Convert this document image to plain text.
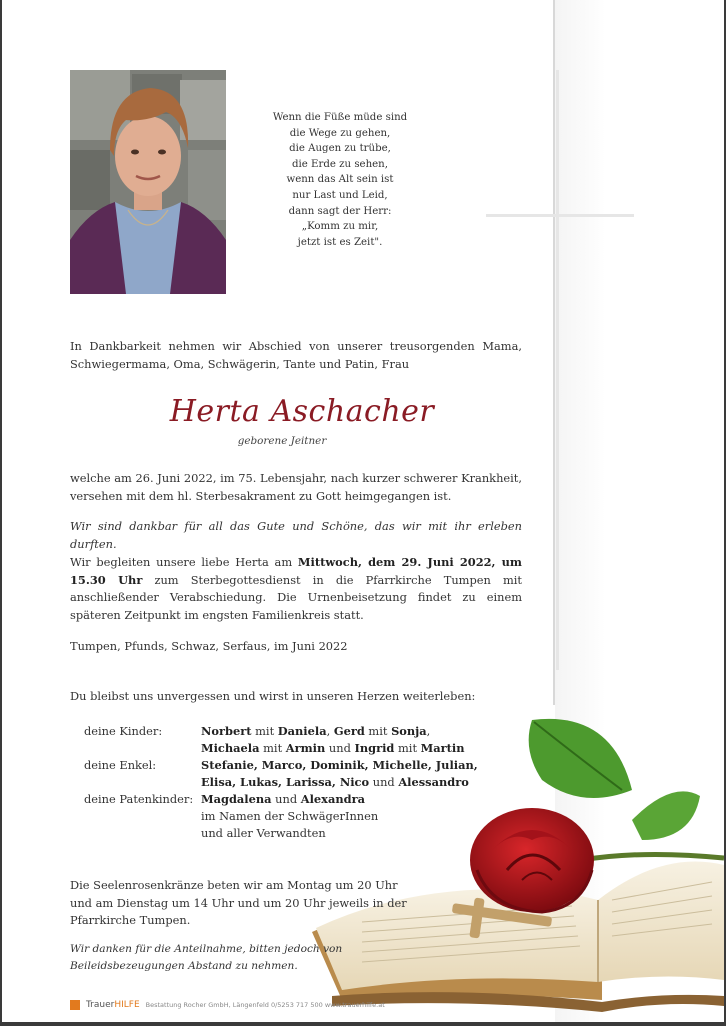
Wenn die Füße müde sind
die Wege zu gehen,
die Augen zu trübe,
die Erde zu sehen,
wenn das Alt sein ist
nur Last und Leid,
dann sagt der Herr:
„Komm zu mir,
jetzt ist es Zeit".
In Dankbarkeit nehmen wir Abschied von unserer treusorgenden Mama, Schwiegermama, Oma, Schwägerin, Tante und Patin, Frau
Herta Aschacher
geborene Jeitner
welche am 26. Juni 2022, im 75. Lebensjahr, nach kurzer schwerer Krankheit, versehen mit dem hl. Sterbesakrament zu Gott heimgegangen ist.
Wir sind dankbar für all das Gute und Schöne, das wir mit ihr erleben durften.
Wir begleiten unsere liebe Herta am Mittwoch, dem 29. Juni 2022, um 15.30 Uhr zum Sterbegottesdienst in die Pfarrkirche Tumpen mit anschließender Verabschiedung. Die Urnenbeisetzung findet zu einem späteren Zeitpunkt im engsten Familienkreis statt.
Tumpen, Pfunds, Schwaz, Serfaus, im Juni 2022
Du bleibst uns unvergessen und wirst in unseren Herzen weiterleben:
deine Kinder:

deine Enkel:

deine Patenkinder:
Norbert mit Daniela, Gerd mit Sonja,
Michaela mit Armin und Ingrid mit Martin
Stefanie, Marco, Dominik, Michelle, Julian,
Elisa, Lukas, Larissa, Nico und Alessandro
Magdalena und Alexandra
im Namen der SchwägerInnen
und aller Verwandten
Die Seelenrosenkränze beten wir am Montag um 20 Uhr und am Dienstag um 14 Uhr und um 20 Uhr jeweils in der Pfarrkirche Tumpen.
Wir danken für die Anteilnahme, bitten jedoch von Beileidsbezeugungen Abstand zu nehmen.
TrauerHILFE Bestattung Rocher GmbH, Längenfeld 0/5253 717 500 www.trauerhilfe.at
